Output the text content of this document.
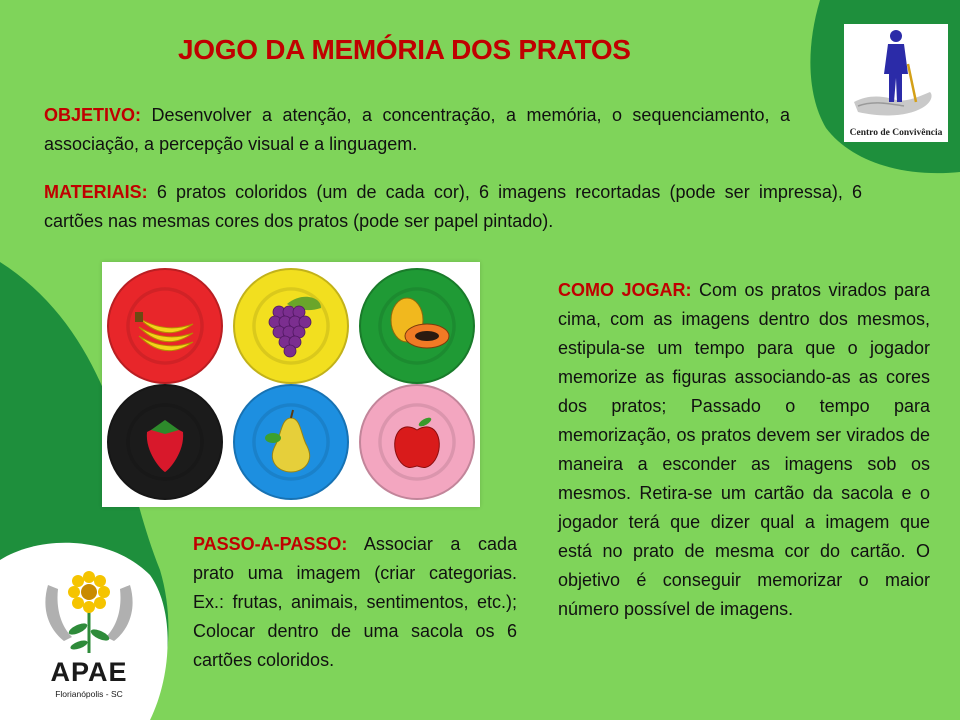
JOGO DA MEMÓRIA DOS PRATOS

OBJETIVO: Desenvolver a atenção, a concentração, a memória, o sequenciamento, a associação, a percepção visual e a linguagem.

MATERIAIS: 6 pratos coloridos (um de cada cor), 6 imagens recortadas (pode ser impressa), 6 cartões nas mesmas cores dos pratos (pode ser papel pintado).

COMO JOGAR: Com os pratos virados para cima, com as imagens dentro dos mesmos, estipula-se um tempo para que o jogador memorize as figuras associando-as as cores dos pratos; Passado o tempo para memorização, os pratos devem ser virados de maneira a esconder as imagens sob os mesmos. Retira-se um cartão da sacola e o jogador terá que dizer qual a imagem que está no prato de mesma cor do cartão. O objetivo é conseguir memorizar o maior número possível de imagens.

PASSO-A-PASSO: Associar a cada prato uma imagem (criar categorias. Ex.: frutas, animais, sentimentos, etc.); Colocar dentro de uma sacola os 6 cartões coloridos.

Centro de Convivência
APAE
Florianópolis - SC
